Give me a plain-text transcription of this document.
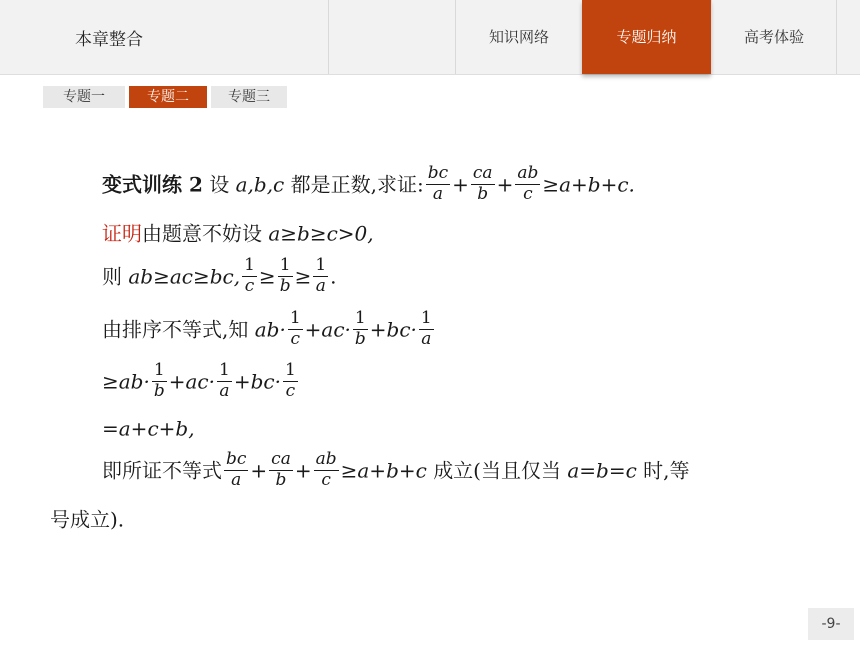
本章整合	知识网络	专题归纳	高考体验
专题一	专题二	专题三
变式训练 2 设 a,b,c 都是正数,求证: $\frac{bc}{a} + \frac{ca}{b} + \frac{ab}{c} \ge a+b+c$.
证明由题意不妨设 a≥b≥c>0,
则 ab≥ac≥bc, $\frac{1}{c} \ge \frac{1}{b} \ge \frac{1}{a}$ .
由排序不等式,知 $ab\cdot \frac{1}{c} +ac\cdot \frac{1}{b} +bc\cdot \frac{1}{a}$
$\ge ab\cdot \frac{1}{b} +ac\cdot \frac{1}{a} +bc\cdot \frac{1}{c}$
=a+c+b,
即所证不等式 $\frac{bc}{a} + \frac{ca}{b} + \frac{ab}{c} \ge a+b+c$ 成立(当且仅当 a=b=c 时,等
号成立).
-9-
